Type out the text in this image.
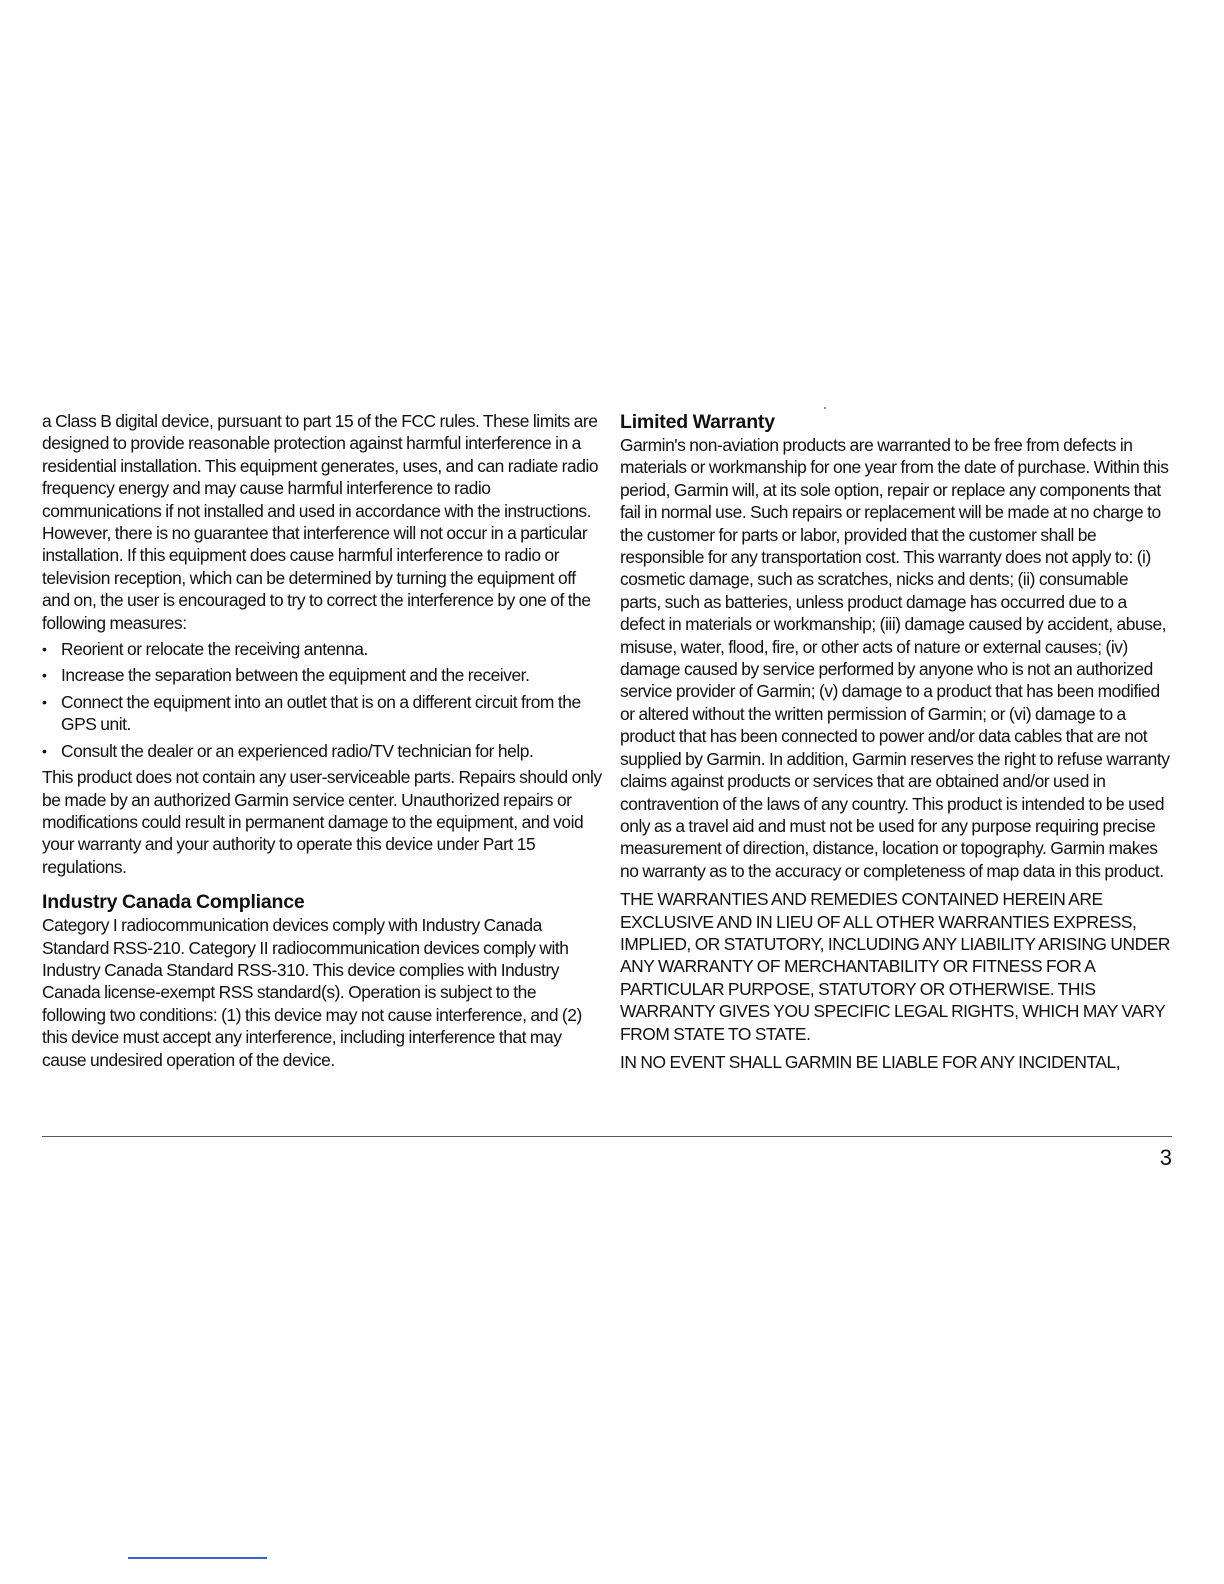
a Class B digital device, pursuant to part 15 of the FCC rules. These limits are designed to provide reasonable protection against harmful interference in a residential installation. This equipment generates, uses, and can radiate radio frequency energy and may cause harmful interference to radio communications if not installed and used in accordance with the instructions. However, there is no guarantee that interference will not occur in a particular installation. If this equipment does cause harmful interference to radio or television reception, which can be determined by turning the equipment off and on, the user is encouraged to try to correct the interference by one of the following measures:

• Reorient or relocate the receiving antenna.
• Increase the separation between the equipment and the receiver.
• Connect the equipment into an outlet that is on a different circuit from the GPS unit.
• Consult the dealer or an experienced radio/TV technician for help.

This product does not contain any user-serviceable parts. Repairs should only be made by an authorized Garmin service center. Unauthorized repairs or modifications could result in permanent damage to the equipment, and void your warranty and your authority to operate this device under Part 15 regulations.

Industry Canada Compliance

Category I radiocommunication devices comply with Industry Canada Standard RSS-210. Category II radiocommunication devices comply with Industry Canada Standard RSS-310. This device complies with Industry Canada license-exempt RSS standard(s). Operation is subject to the following two conditions: (1) this device may not cause interference, and (2) this device must accept any interference, including interference that may cause undesired operation of the device.

Limited Warranty

Garmin's non-aviation products are warranted to be free from defects in materials or workmanship for one year from the date of purchase. Within this period, Garmin will, at its sole option, repair or replace any components that fail in normal use. Such repairs or replacement will be made at no charge to the customer for parts or labor, provided that the customer shall be responsible for any transportation cost. This warranty does not apply to: (i) cosmetic damage, such as scratches, nicks and dents; (ii) consumable parts, such as batteries, unless product damage has occurred due to a defect in materials or workmanship; (iii) damage caused by accident, abuse, misuse, water, flood, fire, or other acts of nature or external causes; (iv) damage caused by service performed by anyone who is not an authorized service provider of Garmin; (v) damage to a product that has been modified or altered without the written permission of Garmin; or (vi) damage to a product that has been connected to power and/or data cables that are not supplied by Garmin. In addition, Garmin reserves the right to refuse warranty claims against products or services that are obtained and/or used in contravention of the laws of any country. This product is intended to be used only as a travel aid and must not be used for any purpose requiring precise measurement of direction, distance, location or topography. Garmin makes no warranty as to the accuracy or completeness of map data in this product.

THE WARRANTIES AND REMEDIES CONTAINED HEREIN ARE EXCLUSIVE AND IN LIEU OF ALL OTHER WARRANTIES EXPRESS, IMPLIED, OR STATUTORY, INCLUDING ANY LIABILITY ARISING UNDER ANY WARRANTY OF MERCHANTABILITY OR FITNESS FOR A PARTICULAR PURPOSE, STATUTORY OR OTHERWISE. THIS WARRANTY GIVES YOU SPECIFIC LEGAL RIGHTS, WHICH MAY VARY FROM STATE TO STATE.

IN NO EVENT SHALL GARMIN BE LIABLE FOR ANY INCIDENTAL,

3
